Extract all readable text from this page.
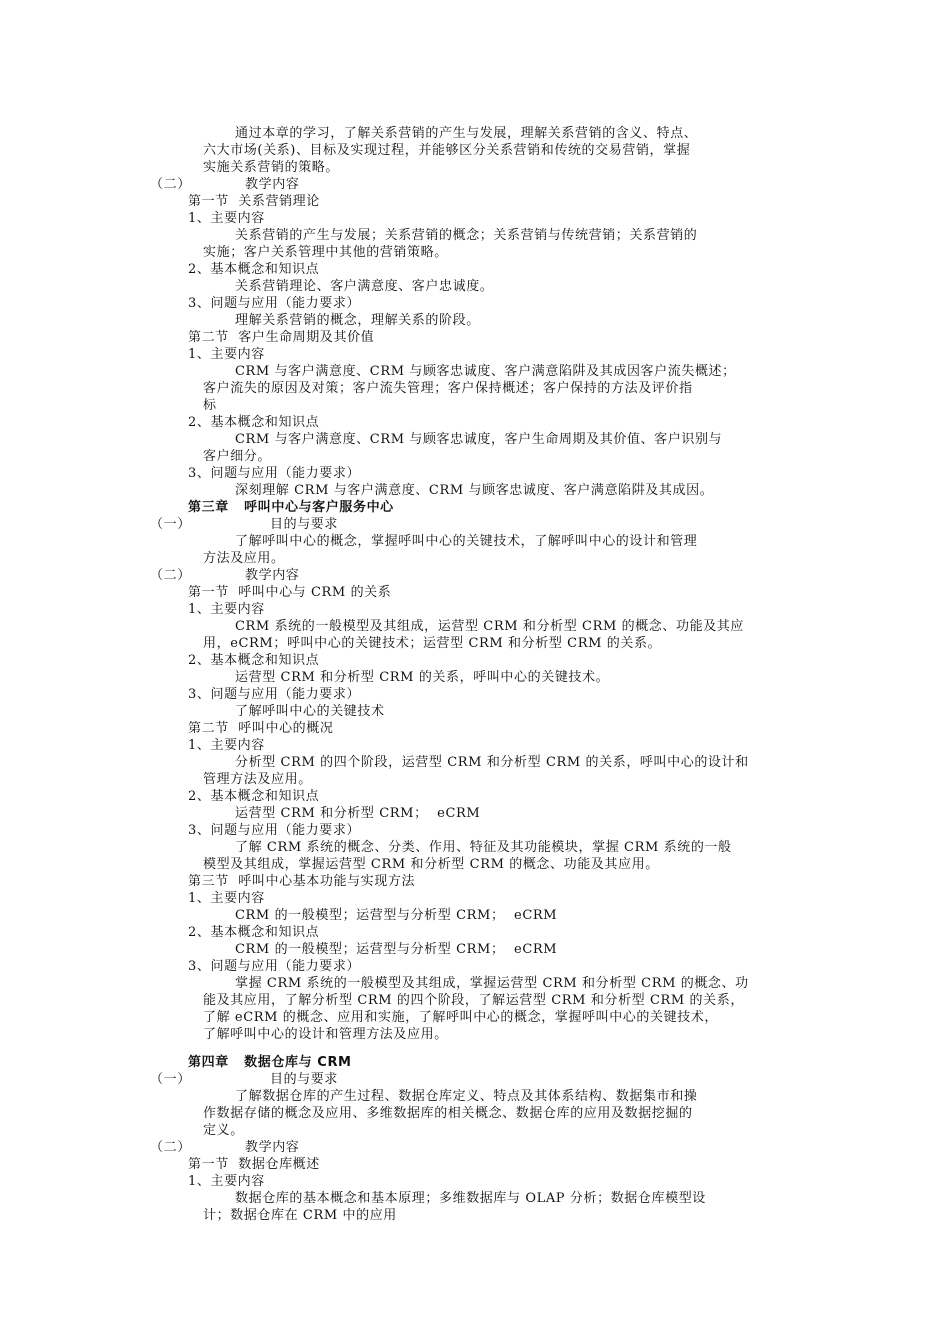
通过本章的学习，了解关系营销的产生与发展，理解关系营销的含义、特点、
六大市场(关系)、目标及实现过程，并能够区分关系营销和传统的交易营销，掌握
实施关系营销的策略。
（二）	教学内容
第一节  关系营销理论
1、主要内容
关系营销的产生与发展；关系营销的概念；关系营销与传统营销；关系营销的
实施；客户关系管理中其他的营销策略。
2、基本概念和知识点
关系营销理论、客户满意度、客户忠诚度。
3、问题与应用（能力要求）
理解关系营销的概念，理解关系的阶段。
第二节  客户生命周期及其价值
1、主要内容
CRM 与客户满意度、CRM 与顾客忠诚度、客户满意陷阱及其成因客户流失概述；
客户流失的原因及对策；客户流失管理；客户保持概述；客户保持的方法及评价指
标
2、基本概念和知识点
CRM 与客户满意度、CRM 与顾客忠诚度，客户生命周期及其价值、客户识别与
客户细分。
3、问题与应用（能力要求）
深刻理解 CRM 与客户满意度、CRM 与顾客忠诚度、客户满意陷阱及其成因。
第三章   呼叫中心与客户服务中心
（一）	目的与要求
了解呼叫中心的概念，掌握呼叫中心的关键技术，了解呼叫中心的设计和管理
方法及应用。
（二）	教学内容
第一节  呼叫中心与 CRM 的关系
1、主要内容
CRM 系统的一般模型及其组成，运营型 CRM 和分析型 CRM 的概念、功能及其应
用，eCRM；呼叫中心的关键技术；运营型 CRM 和分析型 CRM 的关系。
2、基本概念和知识点
运营型 CRM 和分析型 CRM 的关系，呼叫中心的关键技术。
3、问题与应用（能力要求）
了解呼叫中心的关键技术
第二节  呼叫中心的概况
1、主要内容
分析型 CRM 的四个阶段，运营型 CRM 和分析型 CRM 的关系，呼叫中心的设计和
管理方法及应用。
2、基本概念和知识点
运营型 CRM 和分析型 CRM；  eCRM
3、问题与应用（能力要求）
了解 CRM 系统的概念、分类、作用、特征及其功能模块，掌握 CRM 系统的一般
模型及其组成，掌握运营型 CRM 和分析型 CRM 的概念、功能及其应用。
第三节  呼叫中心基本功能与实现方法
1、主要内容
CRM 的一般模型；运营型与分析型 CRM；  eCRM
2、基本概念和知识点
CRM 的一般模型；运营型与分析型 CRM；  eCRM
3、问题与应用（能力要求）
掌握 CRM 系统的一般模型及其组成，掌握运营型 CRM 和分析型 CRM 的概念、功
能及其应用，了解分析型 CRM 的四个阶段，了解运营型 CRM 和分析型 CRM 的关系，
了解 eCRM 的概念、应用和实施，了解呼叫中心的概念，掌握呼叫中心的关键技术，
了解呼叫中心的设计和管理方法及应用。
第四章   数据仓库与 CRM
（一）	目的与要求
了解数据仓库的产生过程、数据仓库定义、特点及其体系结构、数据集市和操
作数据存储的概念及应用、多维数据库的相关概念、数据仓库的应用及数据挖掘的
定义。
（二）	教学内容
第一节  数据仓库概述
1、主要内容
数据仓库的基本概念和基本原理；多维数据库与 OLAP 分析；数据仓库模型设
计；数据仓库在 CRM 中的应用
